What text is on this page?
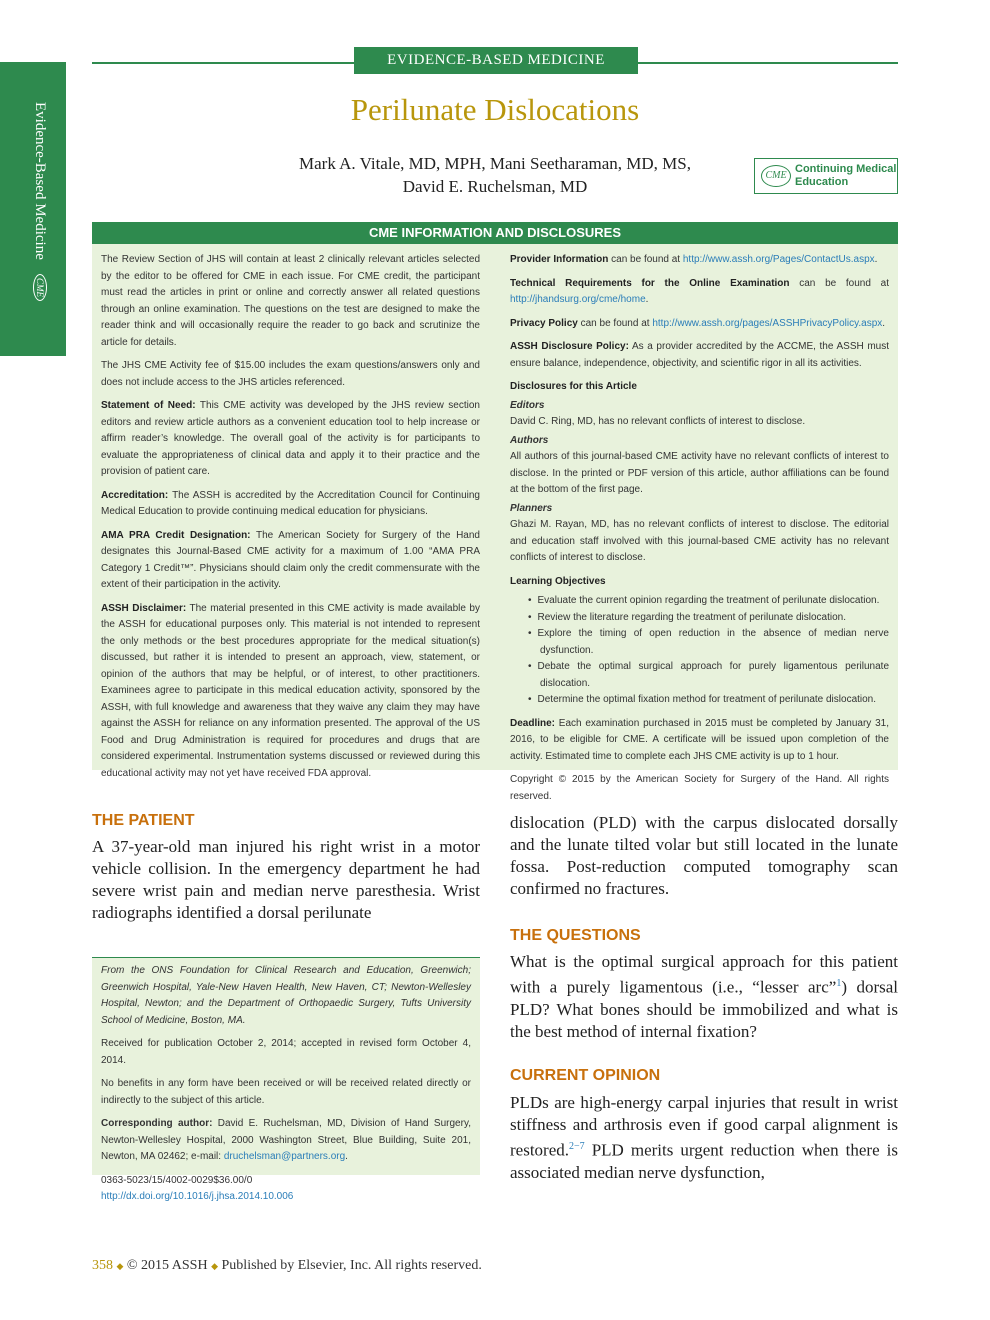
Evidence-Based Medicine CME
EVIDENCE-BASED MEDICINE
Perilunate Dislocations
Mark A. Vitale, MD, MPH, Mani Seetharaman, MD, MS,
David E. Ruchelsman, MD
CME
Continuing Medical
Education
CME INFORMATION AND DISCLOSURES

The Review Section of JHS will contain at least 2 clinically relevant articles selected by the editor to be offered for CME in each issue. For CME credit, the participant must read the articles in print or online and correctly answer all related questions through an online examination. The questions on the test are designed to make the reader think and will occasionally require the reader to go back and scrutinize the article for details.

The JHS CME Activity fee of $15.00 includes the exam questions/answers only and does not include access to the JHS articles referenced.

Statement of Need: This CME activity was developed by the JHS review section editors and review article authors as a convenient education tool to help increase or affirm reader’s knowledge. The overall goal of the activity is for participants to evaluate the appropriateness of clinical data and apply it to their practice and the provision of patient care.

Accreditation: The ASSH is accredited by the Accreditation Council for Continuing Medical Education to provide continuing medical education for physicians.

AMA PRA Credit Designation: The American Society for Surgery of the Hand designates this Journal-Based CME activity for a maximum of 1.00 “AMA PRA Category 1 Credit™”. Physicians should claim only the credit commensurate with the extent of their participation in the activity.

ASSH Disclaimer: The material presented in this CME activity is made available by the ASSH for educational purposes only. This material is not intended to represent the only methods or the best procedures appropriate for the medical situation(s) discussed, but rather it is intended to present an approach, view, statement, or opinion of the authors that may be helpful, or of interest, to other practitioners. Examinees agree to participate in this medical education activity, sponsored by the ASSH, with full knowledge and awareness that they waive any claim they may have against the ASSH for reliance on any information presented. The approval of the US Food and Drug Administration is required for procedures and drugs that are considered experimental. Instrumentation systems discussed or reviewed during this educational activity may not yet have received FDA approval.

Provider Information can be found at http://www.assh.org/Pages/ContactUs.aspx.

Technical Requirements for the Online Examination can be found at http://jhandsurg.org/cme/home.

Privacy Policy can be found at http://www.assh.org/pages/ASSHPrivacyPolicy.aspx.

ASSH Disclosure Policy: As a provider accredited by the ACCME, the ASSH must ensure balance, independence, objectivity, and scientific rigor in all its activities.

Disclosures for this Article

Editors

David C. Ring, MD, has no relevant conflicts of interest to disclose.

Authors

All authors of this journal-based CME activity have no relevant conflicts of interest to disclose. In the printed or PDF version of this article, author affiliations can be found at the bottom of the first page.

Planners

Ghazi M. Rayan, MD, has no relevant conflicts of interest to disclose. The editorial and education staff involved with this journal-based CME activity has no relevant conflicts of interest to disclose.

Learning Objectives

• Evaluate the current opinion regarding the treatment of perilunate dislocation.
• Review the literature regarding the treatment of perilunate dislocation.
• Explore the timing of open reduction in the absence of median nerve dysfunction.
• Debate the optimal surgical approach for purely ligamentous perilunate dislocation.
• Determine the optimal fixation method for treatment of perilunate dislocation.

Deadline: Each examination purchased in 2015 must be completed by January 31, 2016, to be eligible for CME. A certificate will be issued upon completion of the activity. Estimated time to complete each JHS CME activity is up to 1 hour.

Copyright © 2015 by the American Society for Surgery of the Hand. All rights reserved.

THE PATIENT
A 37-year-old man injured his right wrist in a motor vehicle collision. In the emergency department he had severe wrist pain and median nerve paresthesia. Wrist radiographs identified a dorsal perilunate

From the ONS Foundation for Clinical Research and Education, Greenwich; Greenwich Hospital, Yale-New Haven Health, New Haven, CT; Newton-Wellesley Hospital, Newton; and the Department of Orthopaedic Surgery, Tufts University School of Medicine, Boston, MA.

Received for publication October 2, 2014; accepted in revised form October 4, 2014.

No benefits in any form have been received or will be received related directly or indirectly to the subject of this article.

Corresponding author: David E. Ruchelsman, MD, Division of Hand Surgery, Newton-Wellesley Hospital, 2000 Washington Street, Blue Building, Suite 201, Newton, MA 02462; e-mail: druchelsman@partners.org.

0363-5023/15/4002-0029$36.00/0
http://dx.doi.org/10.1016/j.jhsa.2014.10.006
dislocation (PLD) with the carpus dislocated dorsally and the lunate tilted volar but still located in the lunate fossa. Post-reduction computed tomography scan confirmed no fractures.
THE QUESTIONS
What is the optimal surgical approach for this patient with a purely ligamentous (i.e., “lesser arc”$^1$) dorsal PLD? What bones should be immobilized and what is the best method of internal fixation?
CURRENT OPINION
PLDs are high-energy carpal injuries that result in wrist stiffness and arthrosis even if good carpal alignment is restored.$^{2-7}$ PLD merits urgent reduction when there is associated median nerve dysfunction,
358 ◆ © 2015 ASSH ◆ Published by Elsevier, Inc. All rights reserved.
